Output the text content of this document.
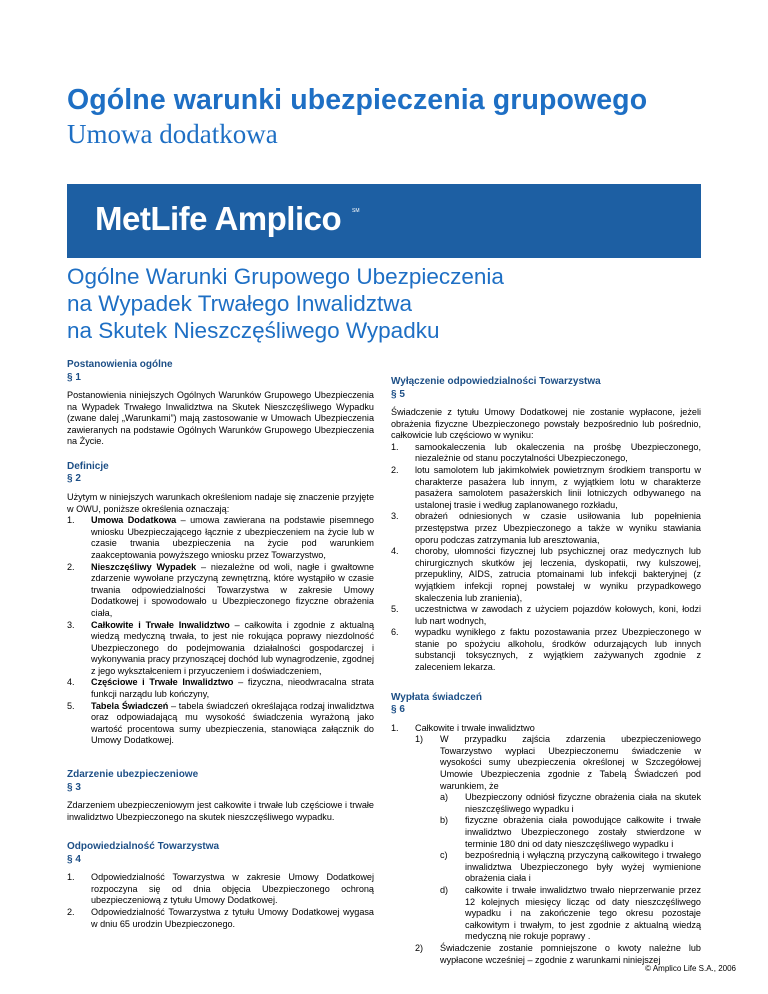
Ogólne warunki ubezpieczenia grupowego
Umowa dodatkowa
MetLife Amplico SM
Ogólne Warunki Grupowego Ubezpieczenia
na Wypadek Trwałego Inwalidztwa
na Skutek Nieszczęśliwego Wypadku
Postanowienia ogólne
§ 1

Postanowienia niniejszych Ogólnych Warunków Grupowego Ubezpieczenia na Wypadek Trwałego Inwalidztwa na Skutek Nieszczęśliwego Wypadku (zwane dalej „Warunkami”) mają zastosowanie w Umowach Ubezpieczenia zawieranych na podstawie Ogólnych Warunków Grupowego Ubezpieczenia na Życie.

Definicje
§ 2

Użytym w niniejszych warunkach określeniom nadaje się znaczenie przyjęte w OWU, poniższe określenia oznaczają:

1. Umowa Dodatkowa – umowa zawierana na podstawie pisemnego wniosku Ubezpieczającego łącznie z ubezpieczeniem na życie lub w czasie trwania ubezpieczenia na życie pod warunkiem zaakceptowania powyższego wniosku przez Towarzystwo,
2. Nieszczęśliwy Wypadek – niezależne od woli, nagłe i gwałtowne zdarzenie wywołane przyczyną zewnętrzną, które wystąpiło w czasie trwania odpowiedzialności Towarzystwa w zakresie Umowy Dodatkowej i spowodowało u Ubezpieczonego fizyczne obrażenia ciała,
3. Całkowite i Trwałe Inwalidztwo – całkowita i zgodnie z aktualną wiedzą medyczną trwała, to jest nie rokująca poprawy niezdolność Ubezpieczonego do podejmowania działalności gospodarczej i wykonywania pracy przynoszącej dochód lub wynagrodzenie, zgodnej z jego wykształceniem i przyuczeniem i doświadczeniem,
4. Częściowe i Trwałe Inwalidztwo – fizyczna, nieodwracalna strata funkcji narządu lub kończyny,
5. Tabela Świadczeń – tabela świadczeń określająca rodzaj inwalidztwa oraz odpowiadającą mu wysokość świadczenia wyrażoną jako wartość procentowa sumy ubezpieczenia, stanowiąca załącznik do Umowy Dodatkowej.
Zdarzenie ubezpieczeniowe
§ 3

Zdarzeniem ubezpieczeniowym jest całkowite i trwałe lub częściowe i trwałe inwalidztwo Ubezpieczonego na skutek nieszczęśliwego wypadku.

Odpowiedzialność Towarzystwa
§ 4
1. Odpowiedzialność Towarzystwa w zakresie Umowy Dodatkowej rozpoczyna się od dnia objęcia Ubezpieczonego ochroną ubezpieczeniową z tytułu Umowy Dodatkowej.
2. Odpowiedzialność Towarzystwa z tytułu Umowy Dodatkowej wygasa w dniu 65 urodzin Ubezpieczonego.
Wyłączenie odpowiedzialności Towarzystwa
§ 5

Świadczenie z tytułu Umowy Dodatkowej nie zostanie wypłacone, jeżeli obrażenia fizyczne Ubezpieczonego powstały bezpośrednio lub pośrednio, całkowicie lub częściowo w wyniku:

1. samookaleczenia lub okaleczenia na prośbę Ubezpieczonego, niezależnie od stanu poczytalności Ubezpieczonego,
2. lotu samolotem lub jakimkolwiek powietrznym środkiem transportu w charakterze pasażera lub innym, z wyjątkiem lotu w charakterze pasażera samolotem pasażerskich linii lotniczych odbywanego na ustalonej trasie i według zaplanowanego rozkładu,
3. obrażeń odniesionych w czasie usiłowania lub popełnienia przestępstwa przez Ubezpieczonego a także w wyniku stawiania oporu podczas zatrzymania lub aresztowania,
4. choroby, ułomności fizycznej lub psychicznej oraz medycznych lub chirurgicznych skutków jej leczenia, dyskopatii, rwy kulszowej, przepukliny, AIDS, zatrucia ptomainami lub infekcji bakteryjnej (z wyjątkiem infekcji ropnej powstałej w wyniku przypadkowego skaleczenia lub zranienia),
5. uczestnictwa w zawodach z użyciem pojazdów kołowych, koni, łodzi lub nart wodnych,
6. wypadku wynikłego z faktu pozostawania przez Ubezpieczonego w stanie po spożyciu alkoholu, środków odurzających lub innych substancji toksycznych, z wyjątkiem zażywanych zgodnie z zaleceniem lekarza.
Wypłata świadczeń
§ 6
1. Całkowite i trwałe inwalidztwo
1) W przypadku zajścia zdarzenia ubezpieczeniowego Towarzystwo wypłaci Ubezpieczonemu świadczenie w wysokości sumy ubezpieczenia określonej w Szczegółowej Umowie Ubezpieczenia zgodnie z Tabelą Świadczeń pod warunkiem, że
a) Ubezpieczony odniósł fizyczne obrażenia ciała na skutek nieszczęśliwego wypadku i
b) fizyczne obrażenia ciała powodujące całkowite i trwałe inwalidztwo Ubezpieczonego zostały stwierdzone w terminie 180 dni od daty nieszczęśliwego wypadku i
c) bezpośrednią i wyłączną przyczyną całkowitego i trwałego inwalidztwa Ubezpieczonego były wyżej wymienione obrażenia ciała i
d) całkowite i trwałe inwalidztwo trwało nieprzerwanie przez 12 kolejnych miesięcy licząc od daty nieszczęśliwego wypadku i na zakończenie tego okresu pozostaje całkowitym i trwałym, to jest zgodnie z aktualną wiedzą medyczną nie rokuje poprawy .
2) Świadczenie zostanie pomniejszone o kwoty należne lub wypłacone wcześniej – zgodnie z warunkami niniejszej
© Amplico Life S.A., 2006
